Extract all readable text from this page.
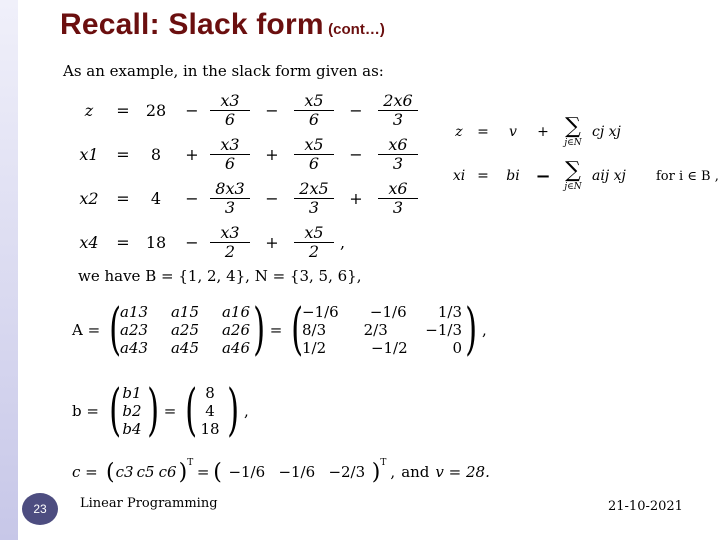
Recall: Slack form (cont…)
As an example, in the slack form given as:
z	=	28	− $\frac{x3}{6} - \frac{x5}{6} - \frac{2x6}{3}$
x1	=	8	+ $\frac{x3}{6} + \frac{x5}{6} - \frac{x6}{3}$
x2	=	4	− $\frac{8x3}{3} - \frac{2x5}{3} + \frac{x6}{3}$
x4	=	18	− $\frac{x3}{2} + \frac{x5}{2}$ ,
z	=	v	+ ∑
j∈N
cj xj
xi =	bi − ∑
j∈N
aij xj	for i ∈ B ,
we have B = {1, 2, 4}, N = {3, 5, 6},
A = (
a13 a15 a16
a23 a25 a26
a43 a45 a46 ) = (
−1/6 −1/6 1/3
8/3	2/3	−1/3
1/2	−1/2	0 ) ,
b = ( b1
b2
b4 ) = ( 8
4
18 ) ,
c = ( c3 c5 c6 )$^T$ = ( −1/6 −1/6 −2/3 )$^T$ , and v = 28.
23	Linear Programming	21-10-2021
